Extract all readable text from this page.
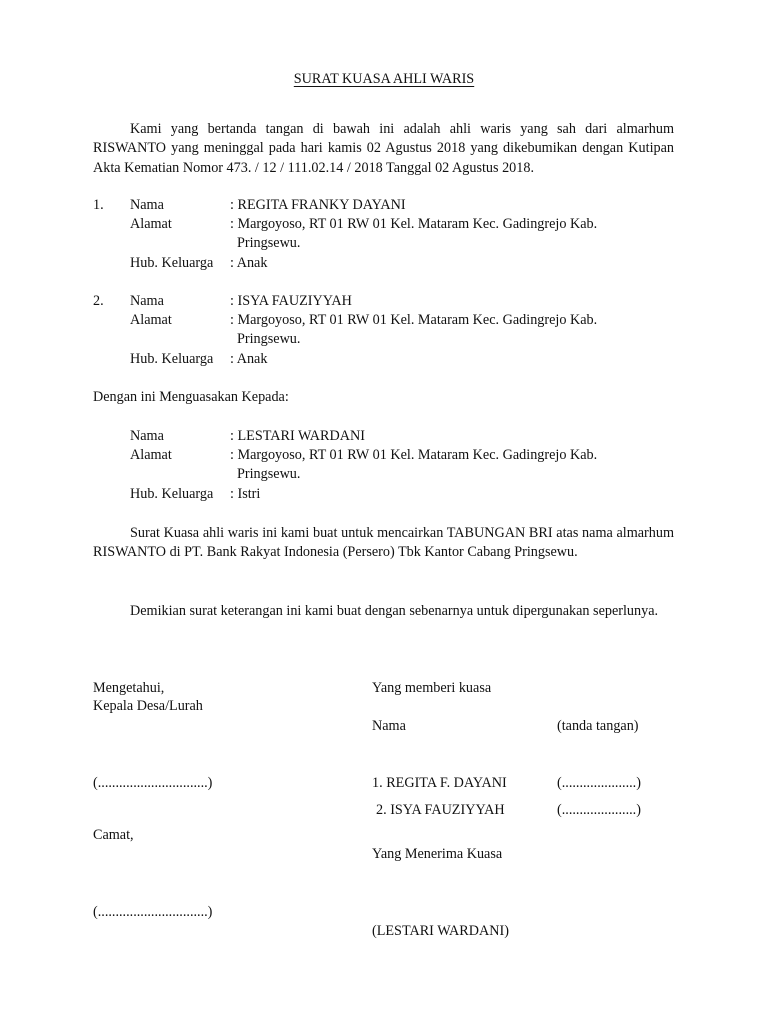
SURAT KUASA AHLI WARIS
Kami yang bertanda tangan di bawah ini adalah ahli waris yang sah dari almarhum RISWANTO yang meninggal pada hari kamis 02 Agustus 2018 yang dikebumikan dengan Kutipan Akta Kematian Nomor 473. / 12 / 111.02.14 / 2018 Tanggal 02 Agustus 2018.
1. Nama	: REGITA FRANKY DAYANI
Alamat	: Margoyoso, RT 01 RW 01 Kel. Mataram Kec. Gadingrejo Kab.
Pringsewu.
Hub. Keluarga : Anak
2. Nama	: ISYA FAUZIYYAH
Alamat	: Margoyoso, RT 01 RW 01 Kel. Mataram Kec. Gadingrejo Kab.
Pringsewu.
Hub. Keluarga : Anak
Dengan ini Menguasakan Kepada:
Nama	: LESTARI WARDANI
Alamat	: Margoyoso, RT 01 RW 01 Kel. Mataram Kec. Gadingrejo Kab.
Pringsewu.
Hub. Keluarga : Istri
Surat Kuasa ahli waris ini kami buat untuk mencairkan TABUNGAN BRI atas nama almarhum RISWANTO di PT. Bank Rakyat Indonesia (Persero) Tbk Kantor Cabang Pringsewu.
Demikian surat keterangan ini kami buat dengan sebenarnya untuk dipergunakan seperlunya.
Mengetahui,
Kepala Desa/Lurah
(...............................)
Camat,
(...............................)
Yang memberi kuasa
Nama	(tanda tangan)
1. REGITA F. DAYANI	(.....................)
2. ISYA FAUZIYYAH	(.....................)
Yang Menerima Kuasa
(LESTARI WARDANI)
